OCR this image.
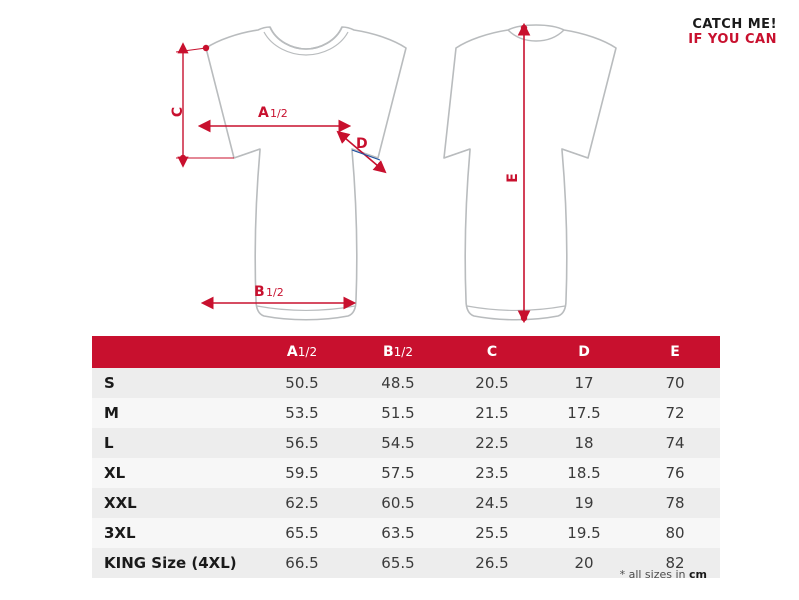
CATCH ME!
IF YOU CAN
C	A 1/2
D
B 1/2
E
	A1/2	B1/2	C	D	E
S	50.5	48.5	20.5	17	70
M	53.5	51.5	21.5	17.5	72
L	56.5	54.5	22.5	18	74
XL	59.5	57.5	23.5	18.5	76
XXL	62.5	60.5	24.5	19	78
3XL	65.5	63.5	25.5	19.5	80
KING Size (4XL)	66.5	65.5	26.5	20	82
* all sizes in cm
